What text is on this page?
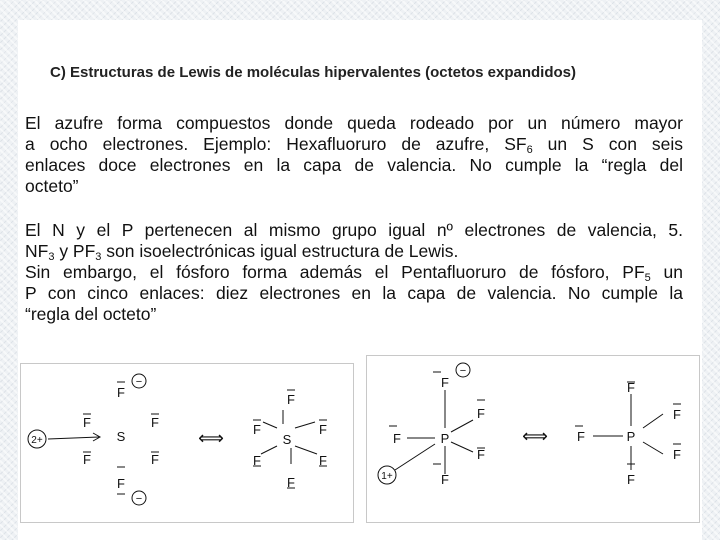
C) Estructuras de Lewis de moléculas hipervalentes (octetos expandidos)
El azufre forma compuestos donde queda rodeado por un número mayor
a ocho electrones. Ejemplo: Hexafluoruro de azufre, $SF_6$ un S con seis
enlaces doce electrones en la capa de valencia. No cumple la “regla del
octeto”
El N y el P pertenecen al mismo grupo igual nº electrones de valencia, 5.
$NF_3$ y $PF_3$ son isoelectrónicas igual estructura de Lewis.
Sin embargo, el fósforo forma además el Pentafluoruro de fósforo, $PF_5$ un
P con cinco enlaces: diez electrones en la capa de valencia. No cumple la
“regla del octeto”
F
F	F
S
F	F
F
−
−
2+	⟺
F
F	F
S
F	F
F
F
F
F	P
F
F
−
1+
⟺
F
F
F	P
F
F
